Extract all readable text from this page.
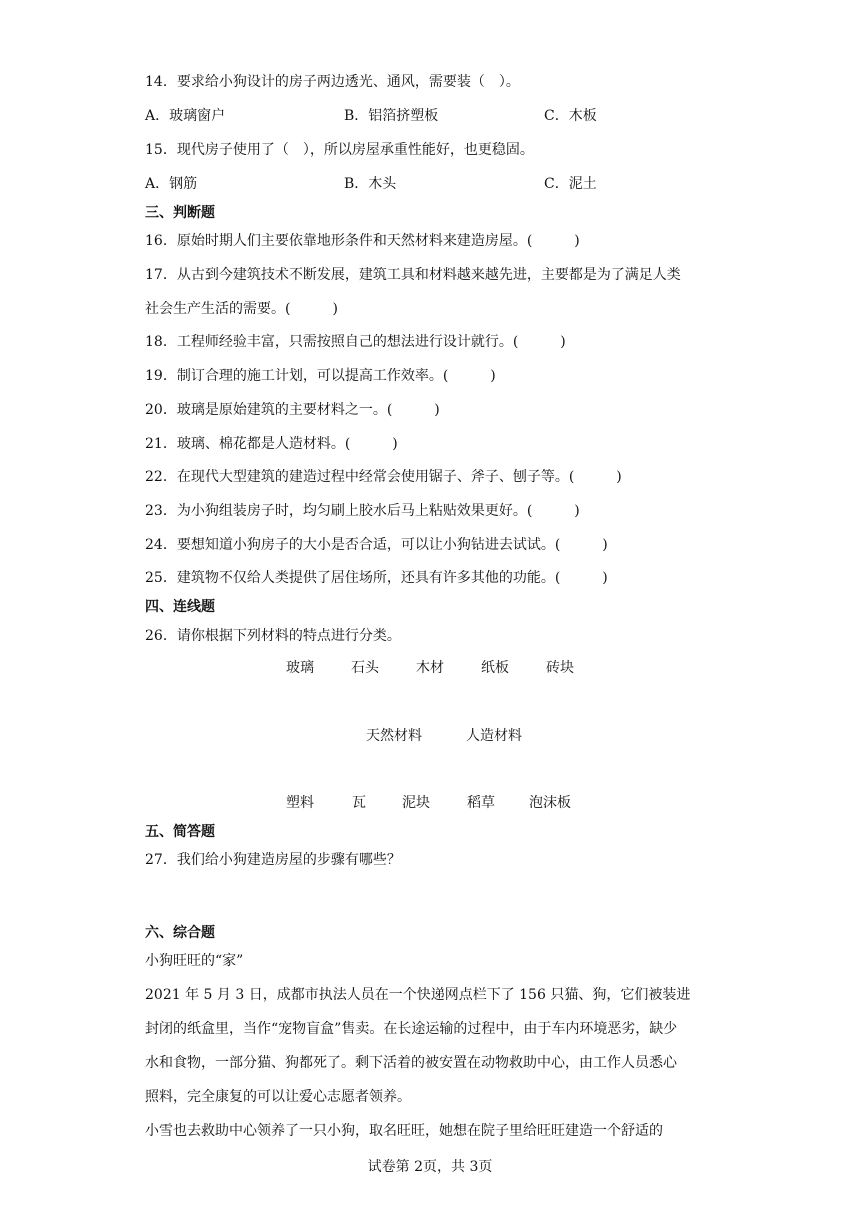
14．要求给小狗设计的房子两边透光、通风，需要装（　）。
A．玻璃窗户	B．铝箔挤塑板	C．木板
15．现代房子使用了（　），所以房屋承重性能好，也更稳固。
A．钢筋	B．木头	C．泥土
三、判断题
16．原始时期人们主要依靠地形条件和天然材料来建造房屋。(　　　)
17．从古到今建筑技术不断发展，建筑工具和材料越来越先进，主要都是为了满足人类
社会生产生活的需要。(　　　)
18．工程师经验丰富，只需按照自己的想法进行设计就行。(　　　)
19．制订合理的施工计划，可以提高工作效率。(　　　)
20．玻璃是原始建筑的主要材料之一。(　　　)
21．玻璃、棉花都是人造材料。(　　　)
22．在现代大型建筑的建造过程中经常会使用锯子、斧子、刨子等。(　　　)
23．为小狗组装房子时，均匀刷上胶水后马上粘贴效果更好。(　　　)
24．要想知道小狗房子的大小是否合适，可以让小狗钻进去试试。(　　　)
25．建筑物不仅给人类提供了居住场所，还具有许多其他的功能。(　　　)
四、连线题
26．请你根据下列材料的特点进行分类。
玻璃	石头	木材	纸板	砖块
天然材料	人造材料
塑料	瓦	泥块	稻草 泡沫板
五、简答题
27．我们给小狗建造房屋的步骤有哪些？
六、综合题
小狗旺旺的“家”
2021 年 5 月 3 日，成都市执法人员在一个快递网点栏下了 156 只猫、狗，它们被装进
封闭的纸盒里，当作“宠物盲盒”售卖。在长途运输的过程中，由于车内环境恶劣，缺少
水和食物，一部分猫、狗都死了。剩下活着的被安置在动物救助中心，由工作人员悉心
照料，完全康复的可以让爱心志愿者领养。
小雪也去救助中心领养了一只小狗，取名旺旺，她想在院子里给旺旺建造一个舒适的
试卷第 2页，共 3页
